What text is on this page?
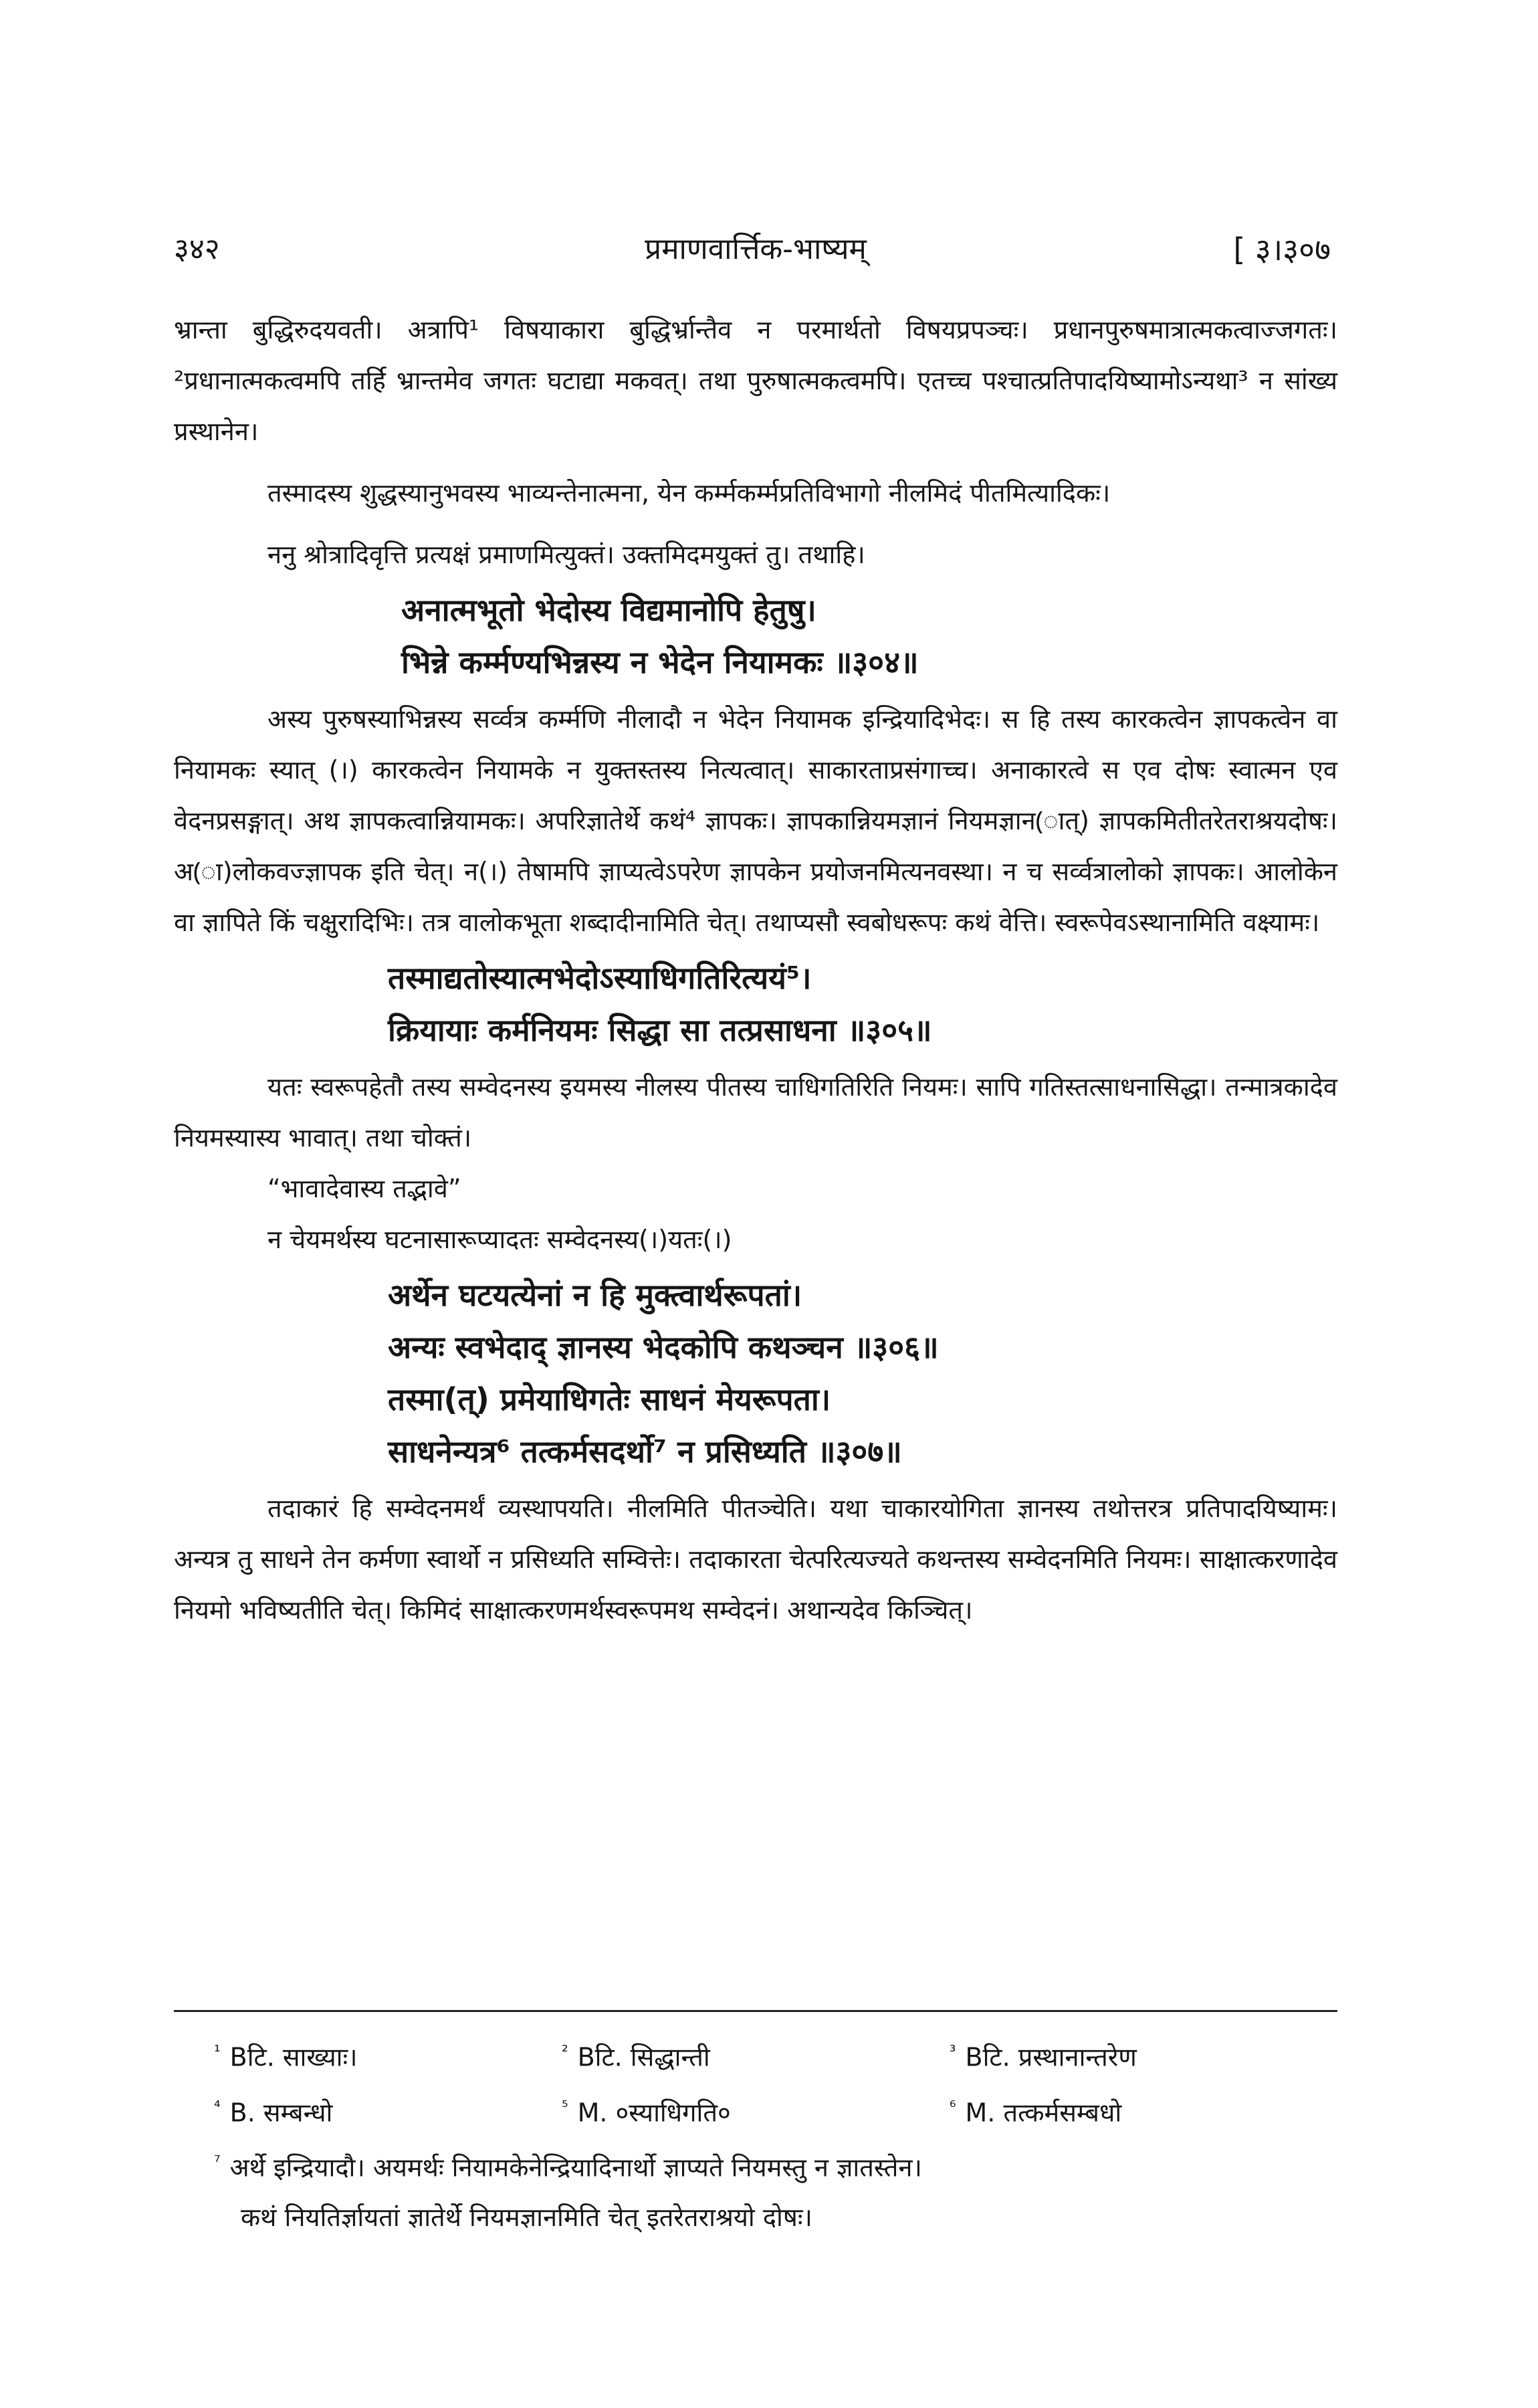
३४२	प्रमाणवार्त्तिक-भाष्यम्	[ ३।३०७

भ्रान्ता बुद्धिरुदयवती। अत्रापि¹ विषयाकारा बुद्धिर्भ्रान्तैव न परमार्थतो विषयप्रपञ्चः। प्रधानपुरुषमात्रात्मकत्वाज्जगतः। ²प्रधानात्मकत्वमपि तर्हि भ्रान्तमेव जगतः घटाद्या मकवत्। तथा पुरुषात्मकत्वमपि। एतच्च पश्चात्प्रतिपादयिष्यामोऽन्यथा³ न सांख्य प्रस्थानेन।

तस्मादस्य शुद्धस्यानुभवस्य भाव्यन्तेनात्मना, येन कर्म्मकर्म्मप्रतिविभागो नीलमिदं पीतमित्यादिकः।

ननु श्रोत्रादिवृत्ति प्रत्यक्षं प्रमाणमित्युक्तं। उक्तमिदमयुक्तं तु। तथाहि।

अनात्मभूतो भेदोस्य विद्यमानोपि हेतुषु।

भिन्ने कर्म्मण्यभिन्नस्य न भेदेन नियामकः ॥३०४॥

अस्य पुरुषस्याभिन्नस्य सर्व्वत्र कर्म्मणि नीलादौ न भेदेन नियामक इन्द्रियादिभेदः। स हि तस्य कारकत्वेन ज्ञापकत्वेन वा नियामकः स्यात् (।) कारकत्वेन नियामके न युक्तस्तस्य नित्यत्वात्। साकारताप्रसंगाच्च। अनाकारत्वे स एव दोषः स्वात्मन एव वेदनप्रसङ्गात्। अथ ज्ञापकत्वान्नियामकः। अपरिज्ञातेर्थे कथं⁴ ज्ञापकः। ज्ञापकान्नियमज्ञानं नियमज्ञान(ात्) ज्ञापकमितीतरेतराश्रयदोषः। अ(ा)लोकवज्ज्ञापक इति चेत्। न(।) तेषामपि ज्ञाप्यत्वेऽपरेण ज्ञापकेन प्रयोजनमित्यनवस्था। न च सर्व्वत्रालोको ज्ञापकः। आलोकेन वा ज्ञापिते किं चक्षुरादिभिः। तत्र वालोकभूता शब्दादीनामिति चेत्। तथाप्यसौ स्वबोधरूपः कथं वेत्ति। स्वरूपेवऽस्थानामिति वक्ष्यामः।

तस्माद्यतोस्यात्मभेदोऽस्याधिगतिरित्ययं⁵।

क्रियायाः कर्मनियमः सिद्धा सा तत्प्रसाधना ॥३०५॥

यतः स्वरूपहेतौ तस्य सम्वेदनस्य इयमस्य नीलस्य पीतस्य चाधिगतिरिति नियमः। सापि गतिस्तत्साधनासिद्धा। तन्मात्रकादेव नियमस्यास्य भावात्। तथा चोक्तं।

“भावादेवास्य तद्भावे”

न चेयमर्थस्य घटनासारूप्यादतः सम्वेदनस्य(।)यतः(।)

अर्थेन घटयत्येनां न हि मुक्त्वार्थरूपतां।

अन्यः स्वभेदाद् ज्ञानस्य भेदकोपि कथञ्चन ॥३०६॥

तस्मा(त्) प्रमेयाधिगतेः साधनं मेयरूपता।

साधनेन्यत्र⁶ तत्कर्मसदर्थो⁷ न प्रसिध्यति ॥३०७॥

तदाकारं हि सम्वेदनमर्थं व्यस्थापयति। नीलमिति पीतञ्चेति। यथा चाकारयोगिता ज्ञानस्य तथोत्तरत्र प्रतिपादयिष्यामः। अन्यत्र तु साधने तेन कर्मणा स्वार्थो न प्रसिध्यति सम्वित्तेः। तदाकारता चेत्परित्यज्यते कथन्तस्य सम्वेदनमिति नियमः। साक्षात्करणादेव नियमो भविष्यतीति चेत्। किमिदं साक्षात्करणमर्थस्वरूपमथ सम्वेदनं। अथान्यदेव किञ्चित्।

$^{^1}$ Bटि. साख्याः।	$^{^2}$ Bटि. सिद्धान्ती	$^{^3}$ Bटि. प्रस्थानान्तरेण
$^{^4}$ B. सम्बन्धो	$^{^5}$ M. ०स्याधिगति०	$^{^6}$ M. तत्कर्मसम्बधो
$^{^7}$ अर्थे इन्द्रियादौ। अयमर्थः नियामकेनेन्द्रियादिनार्थो ज्ञाप्यते नियमस्तु न ज्ञातस्तेन।
कथं नियतिर्ज्ञायतां ज्ञातेर्थे नियमज्ञानमिति चेत् इतरेतराश्रयो दोषः।
